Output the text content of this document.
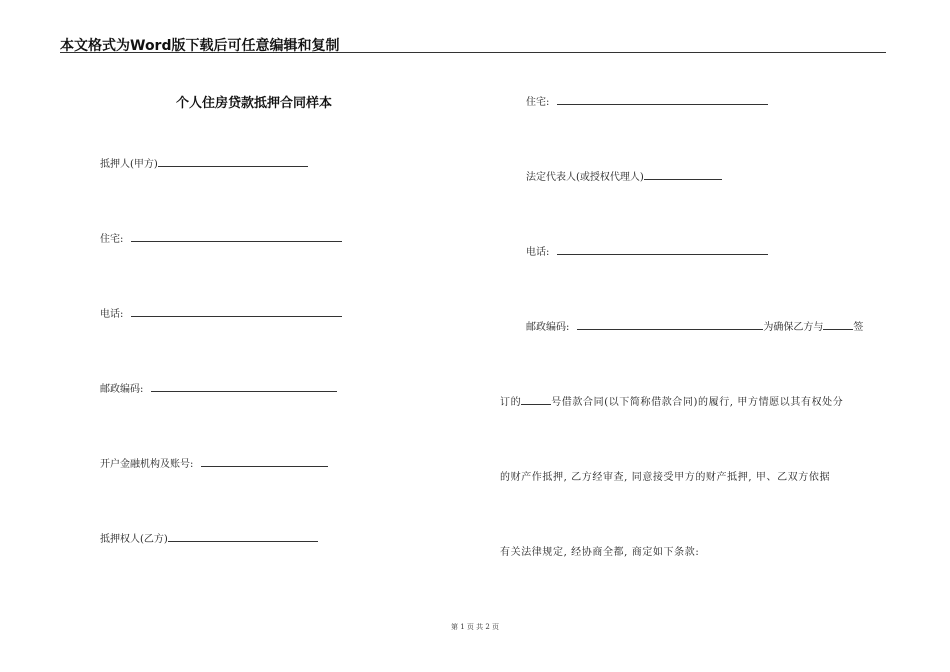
本文格式为Word版下载后可任意编辑和复制
个人住房贷款抵押合同样本
抵押人(甲方)
住宅:
电话:
邮政编码:
开户金融机构及账号:
抵押权人(乙方)
住宅:
法定代表人(或授权代理人)
电话:
邮政编码:	为确保乙方与	签
订的	号借款合同(以下简称借款合同)的履行, 甲方情愿以其有权处分
的财产作抵押, 乙方经审查, 同意接受甲方的财产抵押, 甲、乙双方依据
有关法律规定, 经协商全都, 商定如下条款:
第 1 页 共 2 页
